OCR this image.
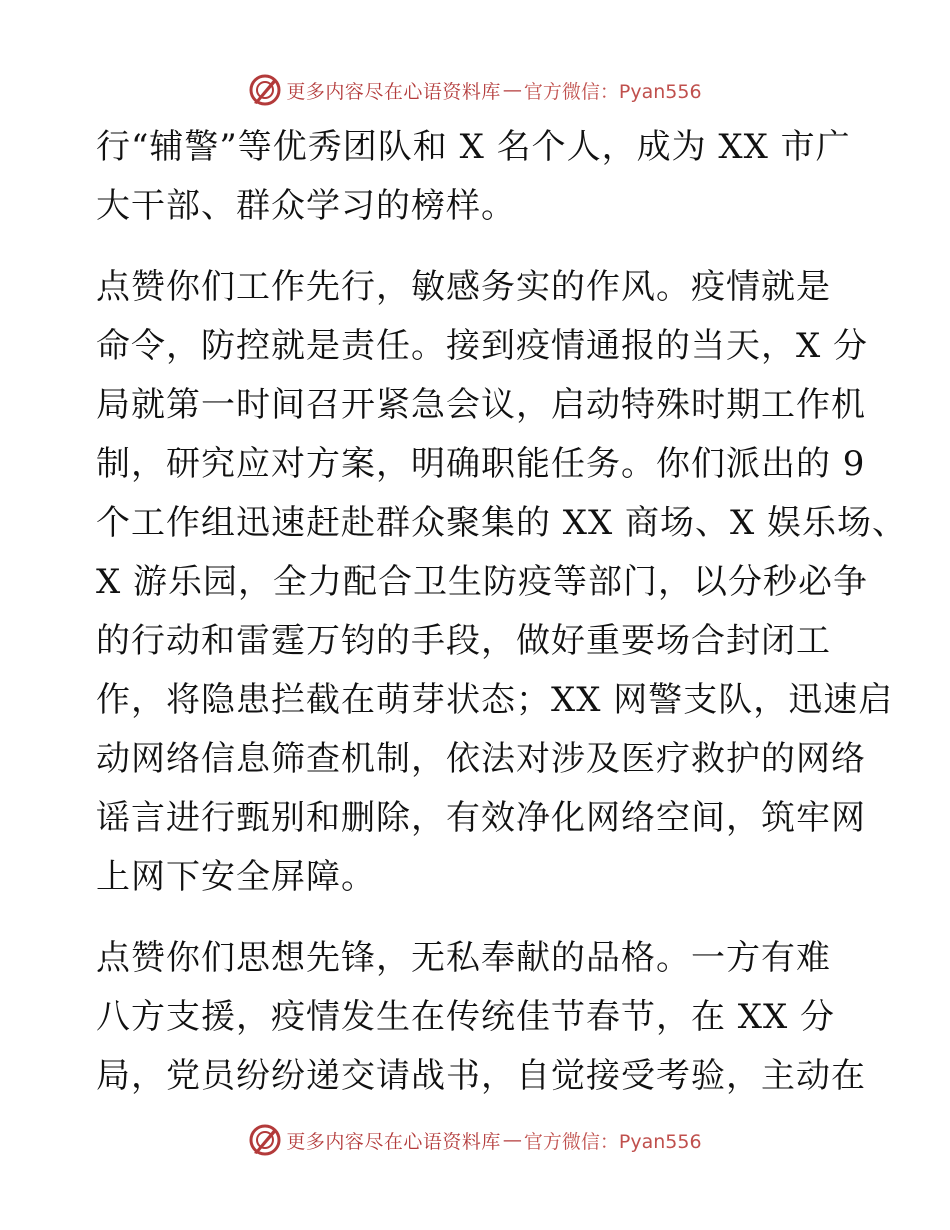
更多内容尽在心语资料库 — 官方微信：Pyan556
行“辅警”等优秀团队和 X 名个人，成为 XX 市广
大干部、群众学习的榜样。
点赞你们工作先行，敏感务实的作风。疫情就是
命令，防控就是责任。接到疫情通报的当天，X 分
局就第一时间召开紧急会议，启动特殊时期工作机
制，研究应对方案，明确职能任务。你们派出的 9
个工作组迅速赶赴群众聚集的 XX 商场、X 娱乐场、
X 游乐园，全力配合卫生防疫等部门，以分秒必争
的行动和雷霆万钧的手段，做好重要场合封闭工
作，将隐患拦截在萌芽状态；XX 网警支队，迅速启
动网络信息筛查机制，依法对涉及医疗救护的网络
谣言进行甄别和删除，有效净化网络空间，筑牢网
上网下安全屏障。
点赞你们思想先锋，无私奉献的品格。一方有难
八方支援，疫情发生在传统佳节春节，在 XX 分
局，党员纷纷递交请战书，自觉接受考验，主动在
更多内容尽在心语资料库 — 官方微信：Pyan556
